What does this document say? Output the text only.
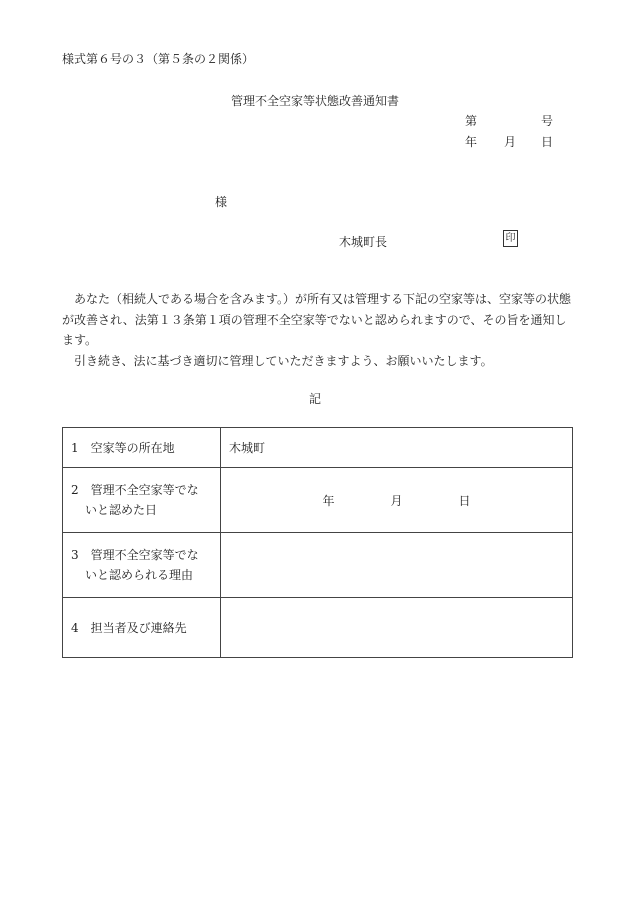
様式第６号の３（第５条の２関係）
管理不全空家等状態改善通知書
第	号
年 月 日
様
木城町長	印

　あなた（相続人である場合を含みます。）が所有又は管理する下記の空家等は、空家等の状態が改善され、法第１３条第１項の管理不全空家等でないと認められますので、その旨を通知します。

　引き続き、法に基づき適切に管理していただきますよう、お願いいたします。

記
1　 空家等の所在地	木城町

2　 管理不全空家等でな
いと認めた日	年 月 日

3　 管理不全空家等でな
いと認められる理由	

4　 担当者及び連絡先	
